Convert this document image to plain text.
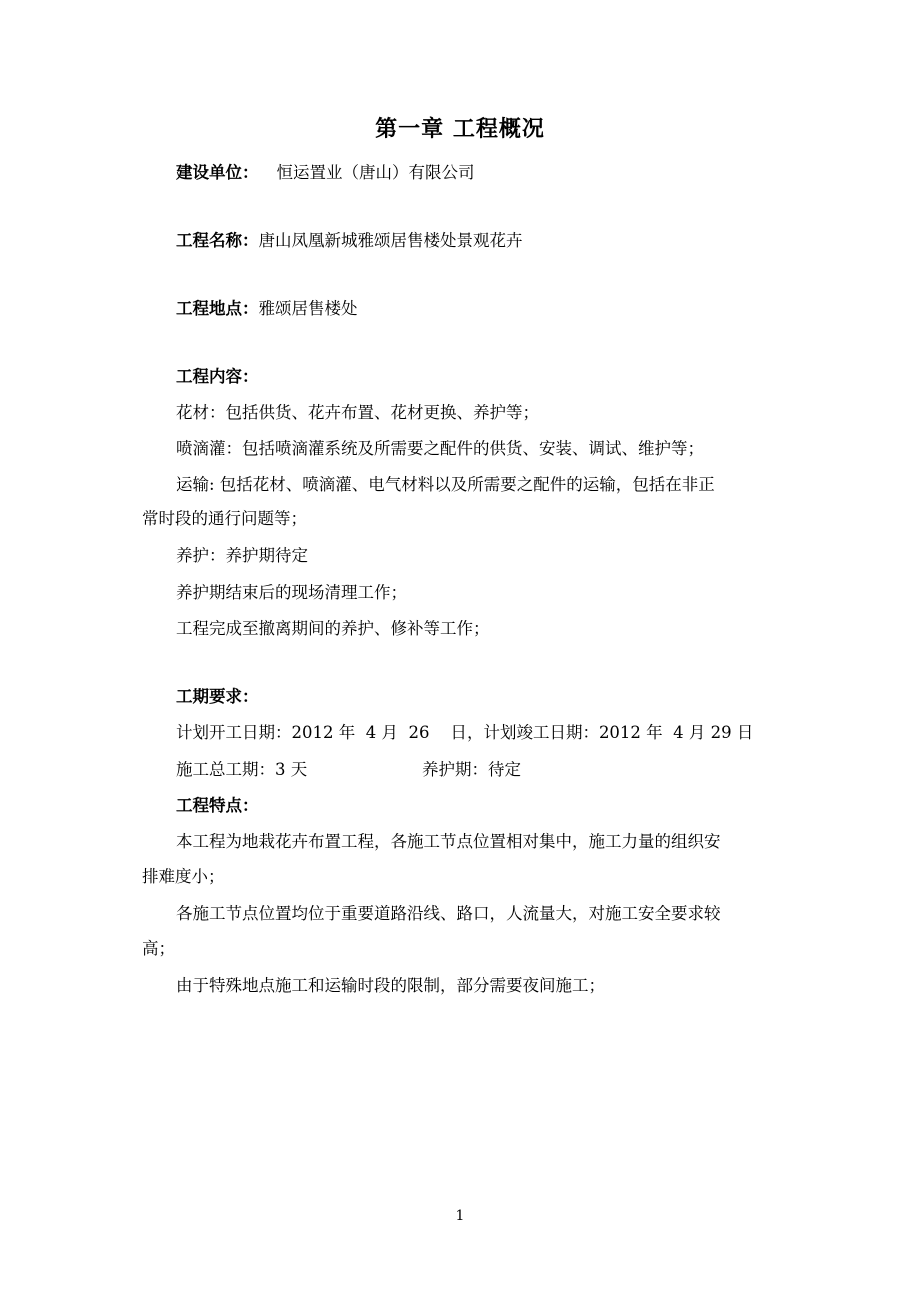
第一章 工程概况
建设单位： 恒运置业（唐山）有限公司
工程名称：唐山凤凰新城雅颂居售楼处景观花卉
工程地点：雅颂居售楼处
工程内容：
花材：包括供货、花卉布置、花材更换、养护等；
喷滴灌：包括喷滴灌系统及所需要之配件的供货、安装、调试、维护等；
运输: 包括花材、喷滴灌、电气材料以及所需要之配件的运输，包括在非正
常时段的通行问题等；
养护：养护期待定
养护期结束后的现场清理工作；
工程完成至撤离期间的养护、修补等工作；
工期要求：
计划开工日期：2012 年  4 月  26    日，计划竣工日期：2012 年  4 月 29 日
施工总工期：3 天	养护期：待定
工程特点：
本工程为地栽花卉布置工程，各施工节点位置相对集中，施工力量的组织安
排难度小；
各施工节点位置均位于重要道路沿线、路口，人流量大，对施工安全要求较
高；
由于特殊地点施工和运输时段的限制，部分需要夜间施工；
1
